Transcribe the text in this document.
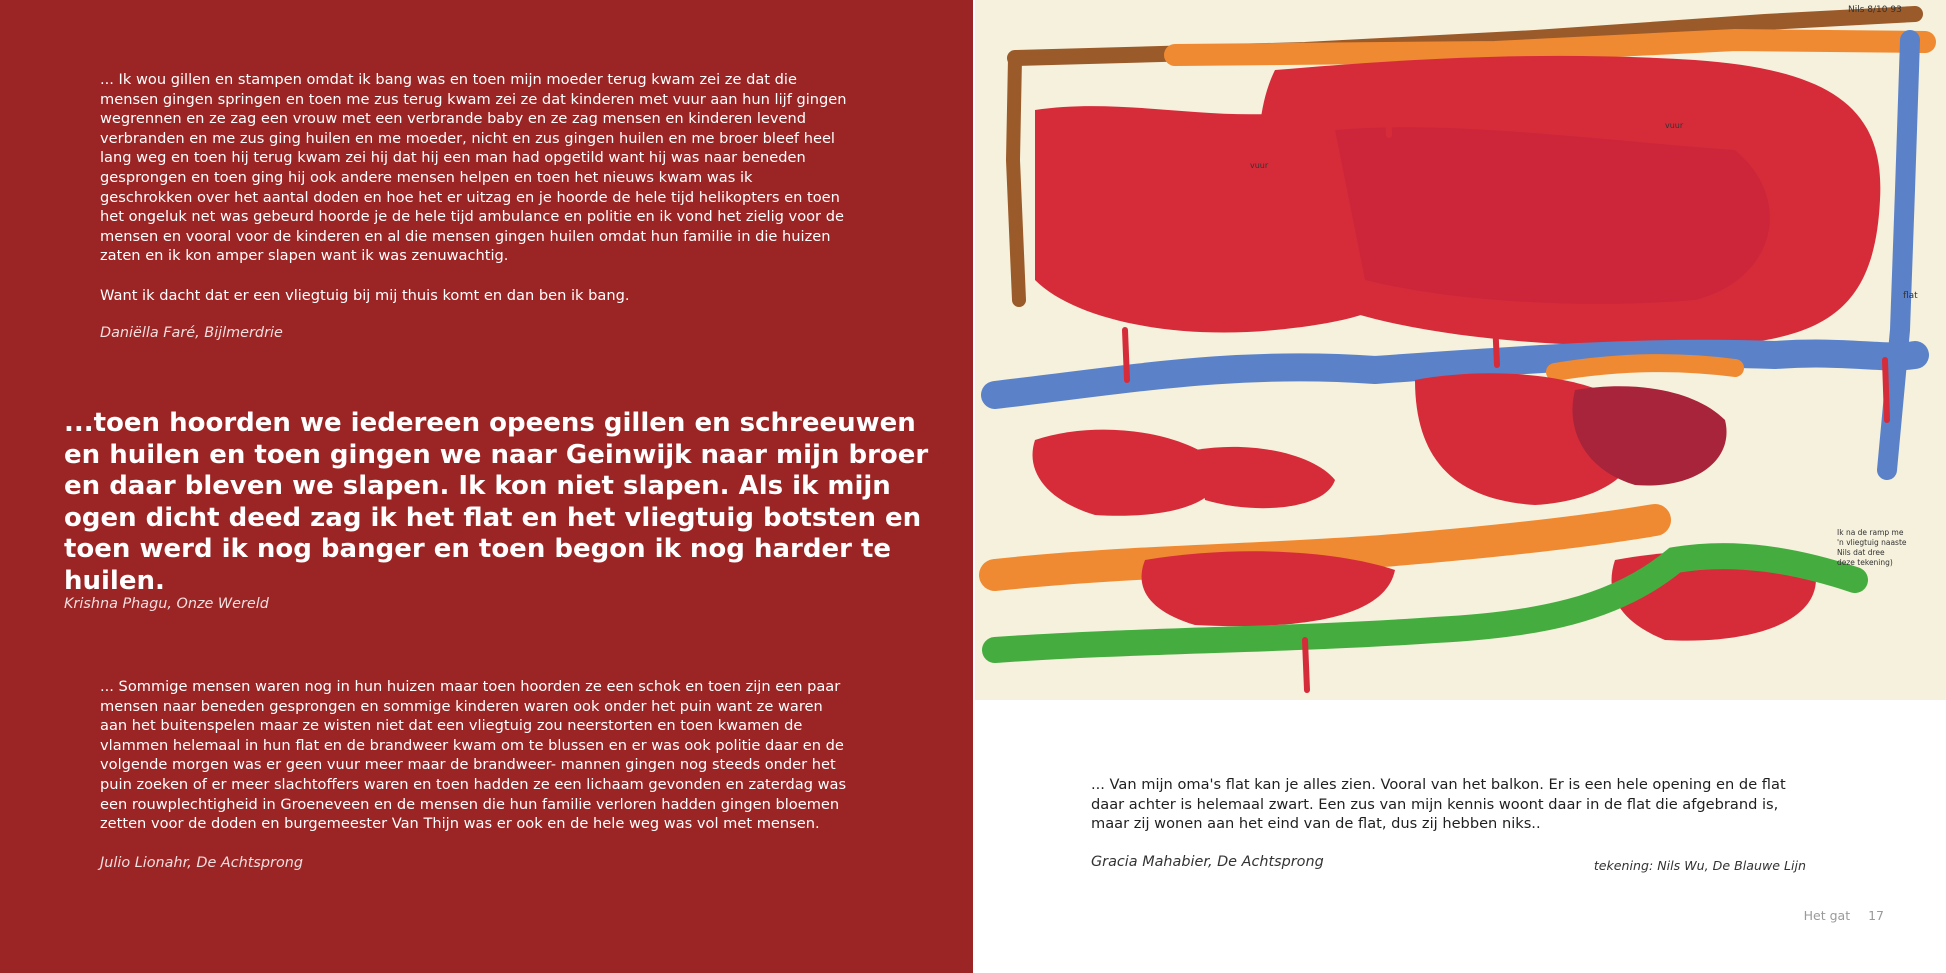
... Ik wou gillen en stampen omdat ik bang was en toen mijn moeder terug kwam zei ze dat die mensen gingen springen en toen me zus terug kwam zei ze dat kinderen met vuur aan hun lijf gingen wegrennen en ze zag een vrouw met een verbrande baby en ze zag mensen en kinderen levend verbranden en me zus ging huilen en me moeder, nicht en zus gingen huilen en me broer bleef heel lang weg en toen hij terug kwam zei hij dat hij een man had opgetild want hij was naar beneden gesprongen en toen ging hij ook andere mensen helpen en toen het nieuws kwam was ik geschrokken over het aantal doden en hoe het er uitzag en je hoorde de hele tijd helikopters en toen het ongeluk net was gebeurd hoorde je de hele tijd ambulance en politie en ik vond het zielig voor de mensen en vooral voor de kinderen en al die mensen gingen huilen omdat hun familie in die huizen zaten en ik kon amper slapen want ik was zenuwachtig.

Want ik dacht dat er een vliegtuig bij mij thuis komt en dan ben ik bang.

Daniëlla Faré, Bijlmerdrie

...toen hoorden we iedereen opeens gillen en schreeuwen en huilen en toen gingen we naar Geinwijk naar mijn broer en daar bleven we slapen. Ik kon niet slapen. Als ik mijn ogen dicht deed zag ik het flat en het vliegtuig botsten en toen werd ik nog banger en toen begon ik nog harder te huilen.

Krishna Phagu, Onze Wereld

... Sommige mensen waren nog in hun huizen maar toen hoorden ze een schok en toen zijn een paar mensen naar beneden gesprongen en sommige kinderen waren ook onder het puin want ze waren aan het buitenspelen maar ze wisten niet dat een vliegtuig zou neerstorten en toen kwamen de vlammen helemaal in hun flat en de brandweer kwam om te blussen en er was ook politie daar en de volgende morgen was er geen vuur meer maar de brandweer- mannen gingen nog steeds onder het puin zoeken of er meer slachtoffers waren en toen hadden ze een lichaam gevonden en zaterdag was een rouwplechtigheid in Groeneveen en de mensen die hun familie verloren hadden gingen bloemen zetten voor de doden en burgemeester Van Thijn was er ook en de hele weg was vol met mensen.

Julio Lionahr, De Achtsprong

Nils 8/10 93
vuur
vuur
flat
Ik na de ramp me
'n vliegtuig naaste
Nils dat dree
deze tekening)

... Van mijn oma's flat kan je alles zien. Vooral van het balkon. Er is een hele opening en de flat daar achter is helemaal zwart. Een zus van mijn kennis woont daar in de flat die afgebrand is, maar zij wonen aan het eind van de flat, dus zij hebben niks..

Gracia Mahabier, De Achtsprong	tekening: Nils Wu, De Blauwe Lijn

Het gat 17
